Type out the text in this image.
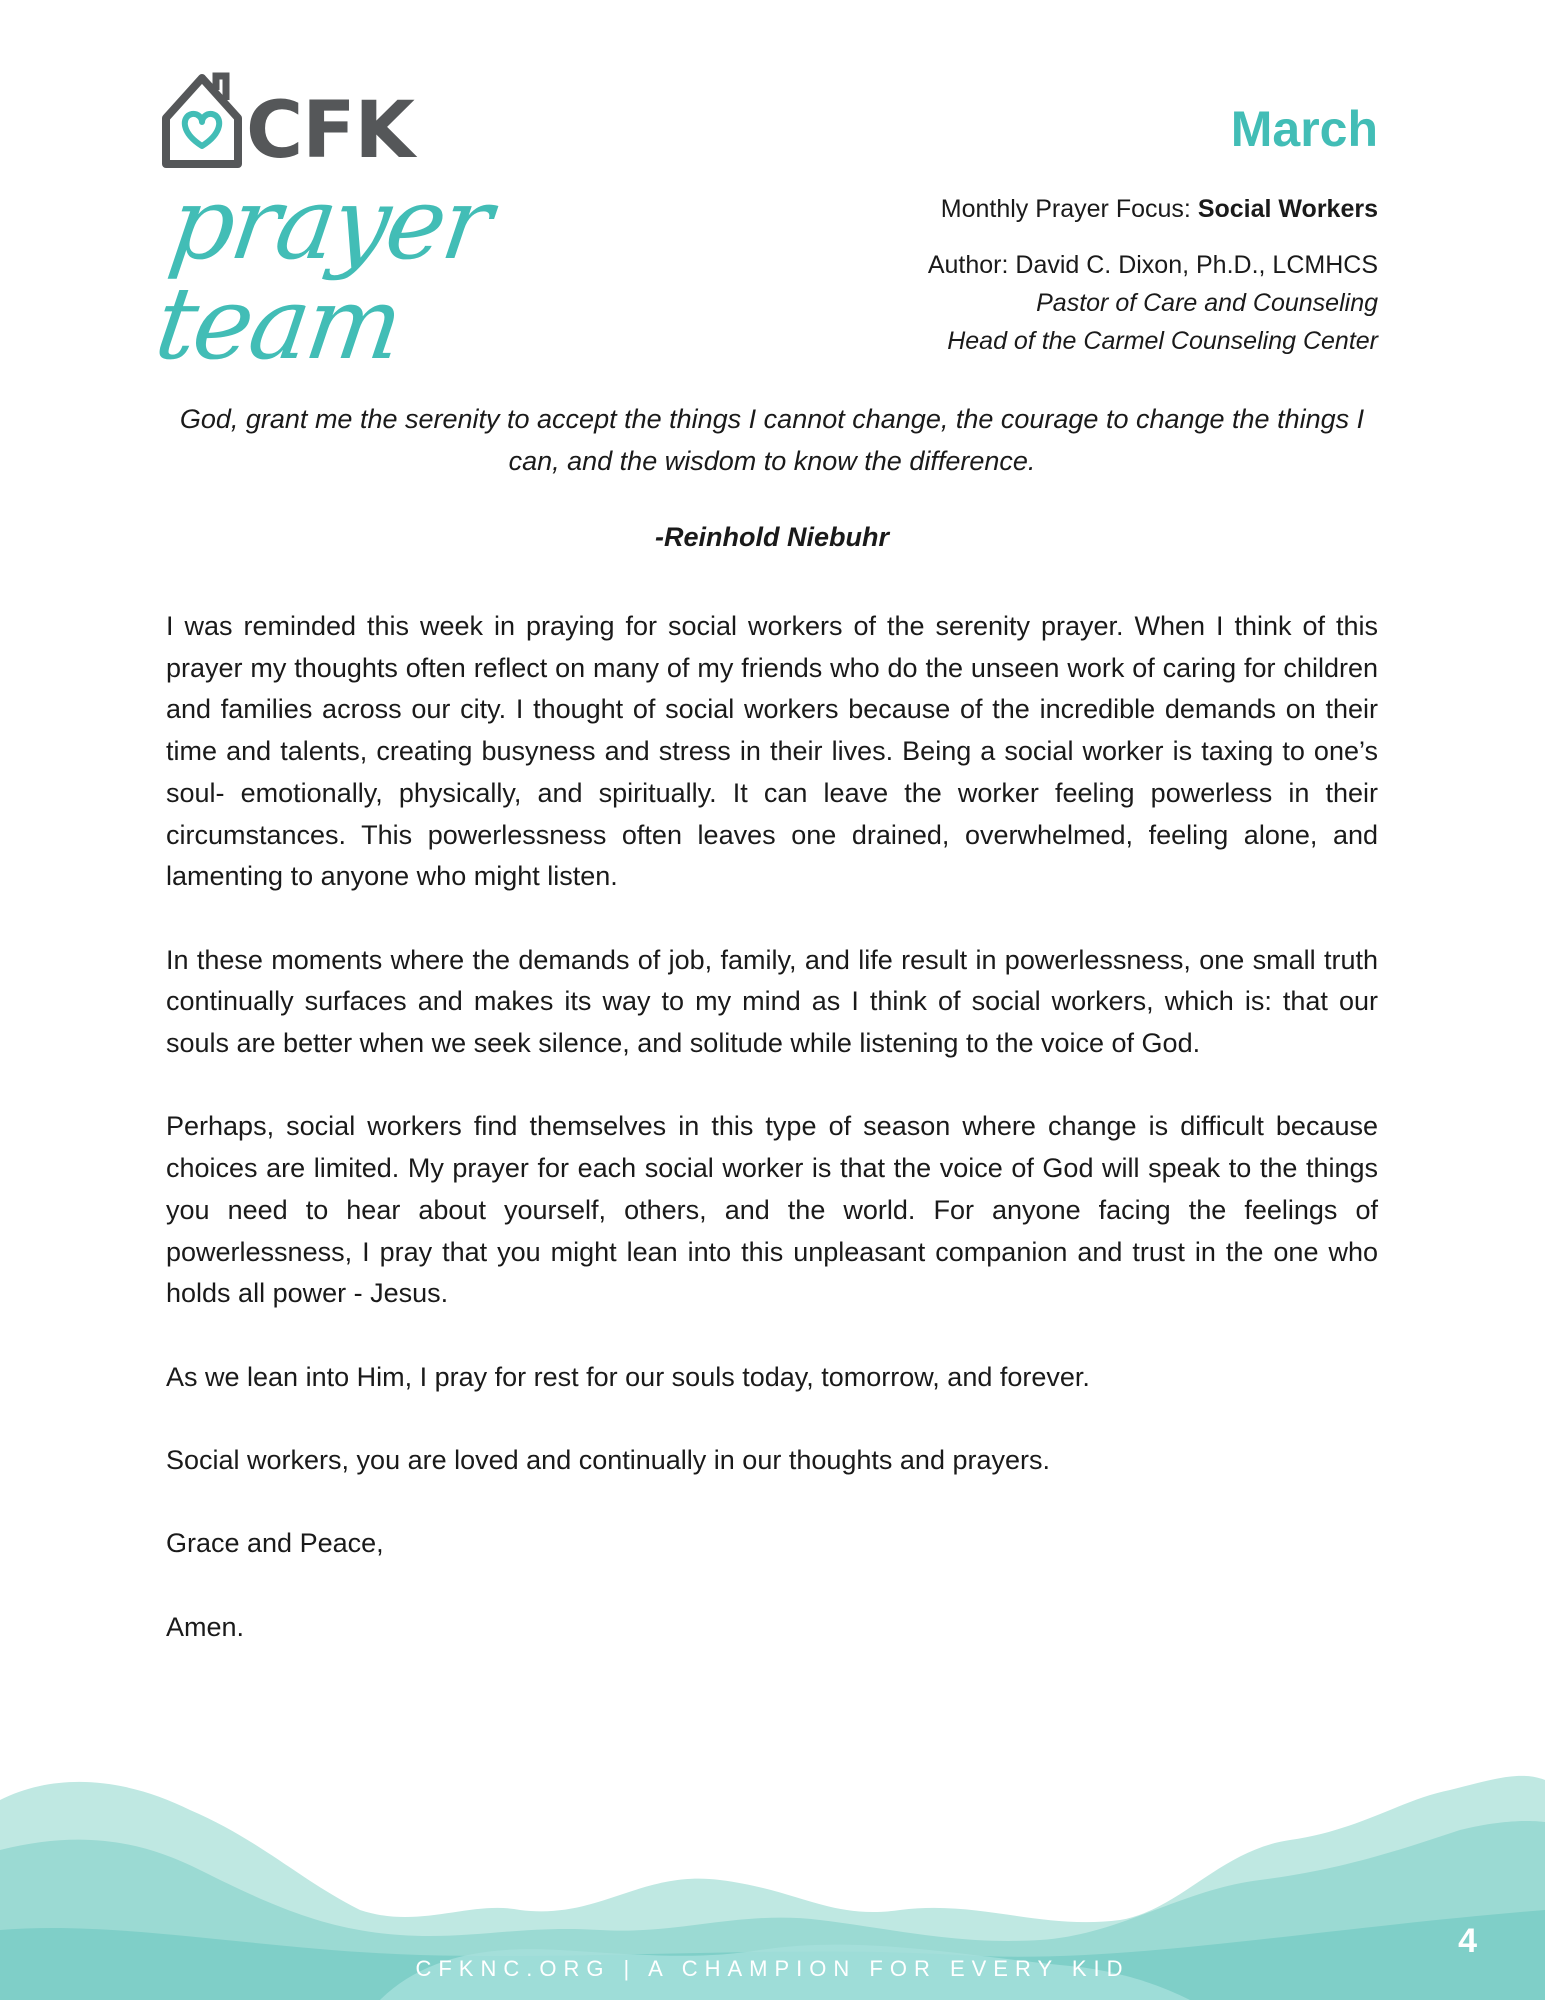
CFK
prayer team
March
Monthly Prayer Focus: Social Workers
Author: David C. Dixon, Ph.D., LCMHCS
Pastor of Care and Counseling
Head of the Carmel Counseling Center
God, grant me the serenity to accept the things I cannot change, the courage to change the things I can, and the wisdom to know the difference.
-Reinhold Niebuhr

I was reminded this week in praying for social workers of the serenity prayer. When I think of this prayer my thoughts often reflect on many of my friends who do the unseen work of caring for children and families across our city. I thought of social workers because of the incredible demands on their time and talents, creating busyness and stress in their lives. Being a social worker is taxing to one’s soul- emotionally, physically, and spiritually. It can leave the worker feeling powerless in their circumstances. This powerlessness often leaves one drained, overwhelmed, feeling alone, and lamenting to anyone who might listen.

In these moments where the demands of job, family, and life result in powerlessness, one small truth continually surfaces and makes its way to my mind as I think of social workers, which is: that our souls are better when we seek silence, and solitude while listening to the voice of God.

Perhaps, social workers find themselves in this type of season where change is difficult because choices are limited. My prayer for each social worker is that the voice of God will speak to the things you need to hear about yourself, others, and the world. For anyone facing the feelings of powerlessness, I pray that you might lean into this unpleasant companion and trust in the one who holds all power - Jesus.

As we lean into Him, I pray for rest for our souls today, tomorrow, and forever.

Social workers, you are loved and continually in our thoughts and prayers.

Grace and Peace,

Amen.

CFKNC.ORG | A CHAMPION FOR EVERY KID
4
